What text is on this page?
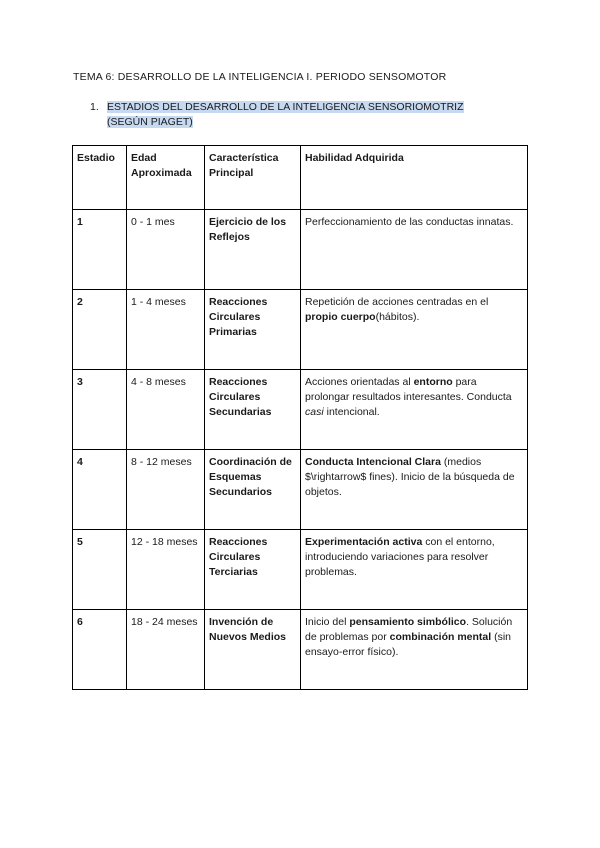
TEMA 6: DESARROLLO DE LA INTELIGENCIA I. PERIODO SENSOMOTOR
1. ESTADIOS DEL DESARROLLO DE LA INTELIGENCIA SENSORIOMOTRIZ
(SEGÚN PIAGET)
Estadio	Edad Aproximada	Característica Principal	Habilidad Adquirida
1	0 - 1 mes	Ejercicio de los Reflejos	Perfeccionamiento de las conductas innatas.
2	1 - 4 meses	Reacciones Circulares Primarias	Repetición de acciones centradas en el propio cuerpo(hábitos).
3	4 - 8 meses	Reacciones Circulares Secundarias	Acciones orientadas al entorno para prolongar resultados interesantes. Conducta casi intencional.
4	8 - 12 meses	Coordinación de Esquemas Secundarios	Conducta Intencional Clara (medios $\rightarrow$ fines). Inicio de la búsqueda de objetos.
5	12 - 18 meses	Reacciones Circulares Terciarias	Experimentación activa con el entorno, introduciendo variaciones para resolver problemas.
6	18 - 24 meses	Invención de Nuevos Medios	Inicio del pensamiento simbólico. Solución de problemas por combinación mental (sin ensayo-error físico).
